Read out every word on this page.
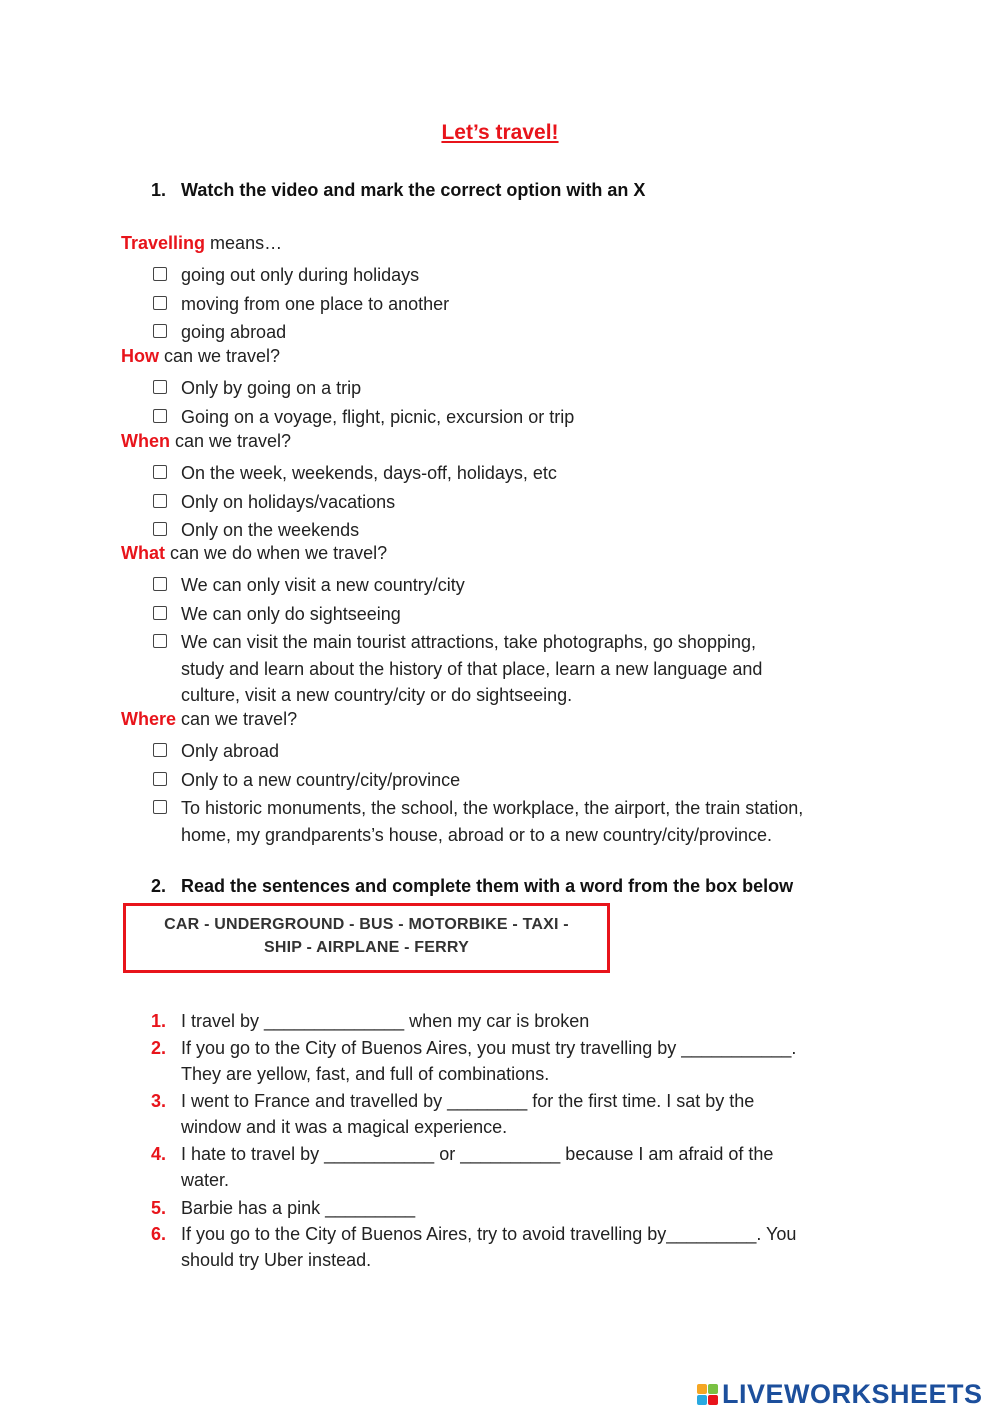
Let’s travel!
1. Watch the video and mark the correct option with an X
Travelling means…
going out only during holidays
moving from one place to another
going abroad
How can we travel?
Only by going on a trip
Going on a voyage, flight, picnic, excursion or trip
When can we travel?
On the week, weekends, days-off, holidays, etc
Only on holidays/vacations
Only on the weekends
What can we do when we travel?
We can only visit a new country/city
We can only do sightseeing
We can visit the main tourist attractions, take photographs, go shopping,
study and learn about the history of that place, learn a new language and
culture, visit a new country/city or do sightseeing.
Where can we travel?
Only abroad
Only to a new country/city/province
To historic monuments, the school, the workplace, the airport, the train station,
home, my grandparents’s house, abroad or to a new country/city/province.
2. Read the sentences and complete them with a word from the box below
CAR - UNDERGROUND - BUS - MOTORBIKE - TAXI -
SHIP - AIRPLANE - FERRY
1. I travel by ______________ when my car is broken
2. If you go to the City of Buenos Aires, you must try travelling by ___________.
They are yellow, fast, and full of combinations.
3. I went to France and travelled by ________ for the first time. I sat by the
window and it was a magical experience.
4. I hate to travel by ___________ or __________ because I am afraid of the
water.
5. Barbie has a pink _________
6. If you go to the City of Buenos Aires, try to avoid travelling by_________. You
should try Uber instead.
LIVEWORKSHEETS
